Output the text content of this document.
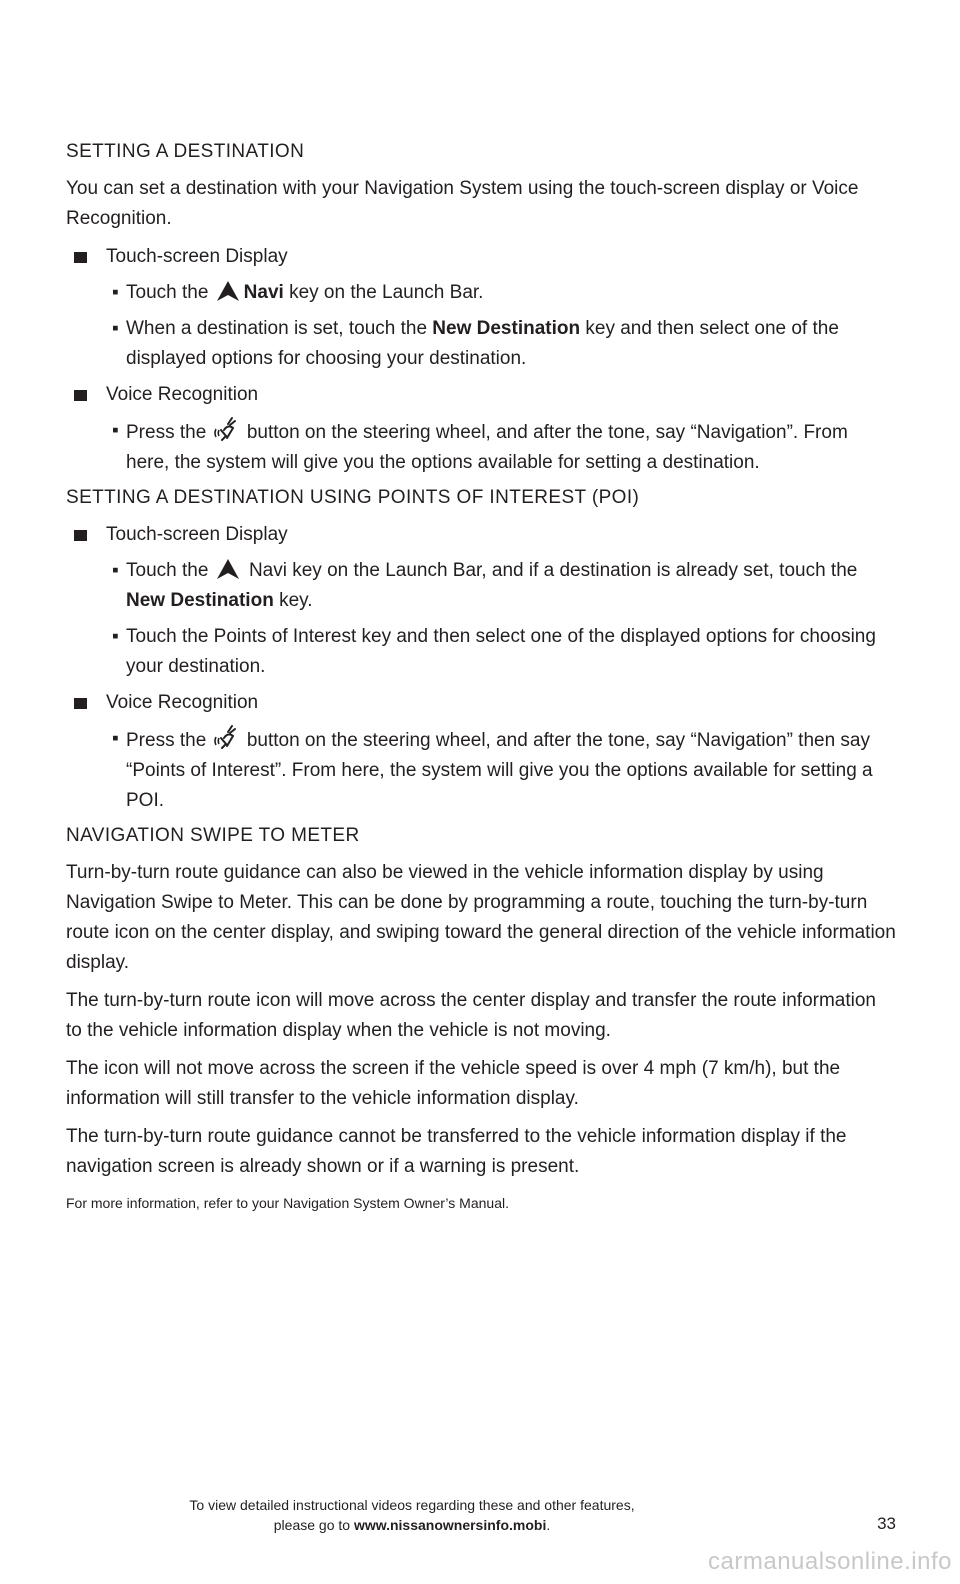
SETTING A DESTINATION
You can set a destination with your Navigation System using the touch-screen display or Voice Recognition.
Touch-screen Display
▪ Touch the Navi key on the Launch Bar.
▪ When a destination is set, touch the New Destination key and then select one of the displayed options for choosing your destination.
Voice Recognition
▪ Press the  button on the steering wheel, and after the tone, say “Navigation”. From here, the system will give you the options available for setting a destination.
SETTING A DESTINATION USING POINTS OF INTEREST (POI)
Touch-screen Display
▪ Touch the  Navi key on the Launch Bar, and if a destination is already set, touch the New Destination key.
▪ Touch the Points of Interest key and then select one of the displayed options for choosing your destination.
Voice Recognition
▪ Press the  button on the steering wheel, and after the tone, say “Navigation” then say “Points of Interest”. From here, the system will give you the options available for setting a POI.
NAVIGATION SWIPE TO METER
Turn-by-turn route guidance can also be viewed in the vehicle information display by using Navigation Swipe to Meter. This can be done by programming a route, touching the turn-by-turn route icon on the center display, and swiping toward the general direction of the vehicle information display.
The turn-by-turn route icon will move across the center display and transfer the route information to the vehicle information display when the vehicle is not moving.
The icon will not move across the screen if the vehicle speed is over 4 mph (7 km/h), but the information will still transfer to the vehicle information display.
The turn-by-turn route guidance cannot be transferred to the vehicle information display if the navigation screen is already shown or if a warning is present.
For more information, refer to your Navigation System Owner’s Manual.
To view detailed instructional videos regarding these and other features,
please go to www.nissanownersinfo.mobi.	33
carmanualsonline.info
